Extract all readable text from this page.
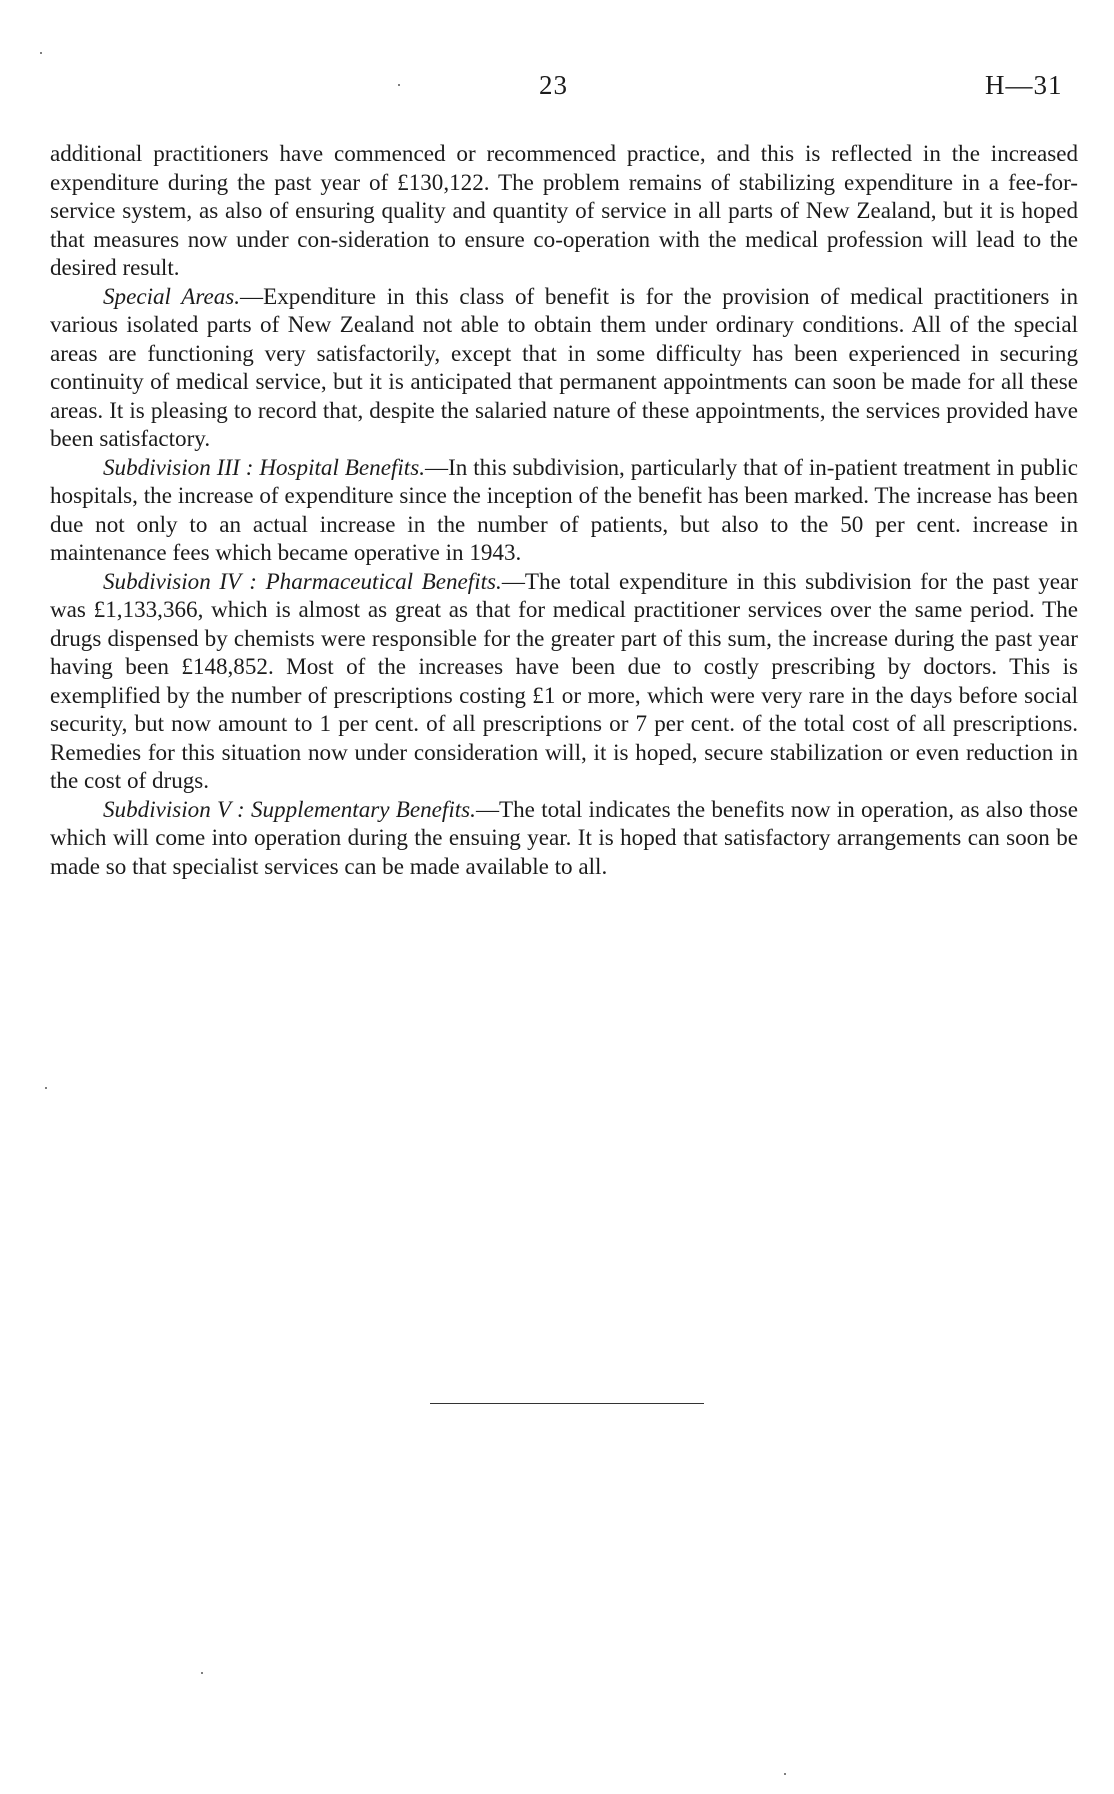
23	H—31

additional practitioners have commenced or recommenced practice, and this is reflected in the increased expenditure during the past year of £130,122. The problem remains of stabilizing expenditure in a fee-for-service system, as also of ensuring quality and quantity of service in all parts of New Zealand, but it is hoped that measures now under con-sideration to ensure co-operation with the medical profession will lead to the desired result.

Special Areas.—Expenditure in this class of benefit is for the provision of medical practitioners in various isolated parts of New Zealand not able to obtain them under ordinary conditions. All of the special areas are functioning very satisfactorily, except that in some difficulty has been experienced in securing continuity of medical service, but it is anticipated that permanent appointments can soon be made for all these areas. It is pleasing to record that, despite the salaried nature of these appointments, the services provided have been satisfactory.

Subdivision III : Hospital Benefits.—In this subdivision, particularly that of in-patient treatment in public hospitals, the increase of expenditure since the inception of the benefit has been marked. The increase has been due not only to an actual increase in the number of patients, but also to the 50 per cent. increase in maintenance fees which became operative in 1943.

Subdivision IV : Pharmaceutical Benefits.—The total expenditure in this subdivision for the past year was £1,133,366, which is almost as great as that for medical practitioner services over the same period. The drugs dispensed by chemists were responsible for the greater part of this sum, the increase during the past year having been £148,852. Most of the increases have been due to costly prescribing by doctors. This is exemplified by the number of prescriptions costing £1 or more, which were very rare in the days before social security, but now amount to 1 per cent. of all prescriptions or 7 per cent. of the total cost of all prescriptions. Remedies for this situation now under consideration will, it is hoped, secure stabilization or even reduction in the cost of drugs.

Subdivision V : Supplementary Benefits.—The total indicates the benefits now in operation, as also those which will come into operation during the ensuing year. It is hoped that satisfactory arrangements can soon be made so that specialist services can be made available to all.
